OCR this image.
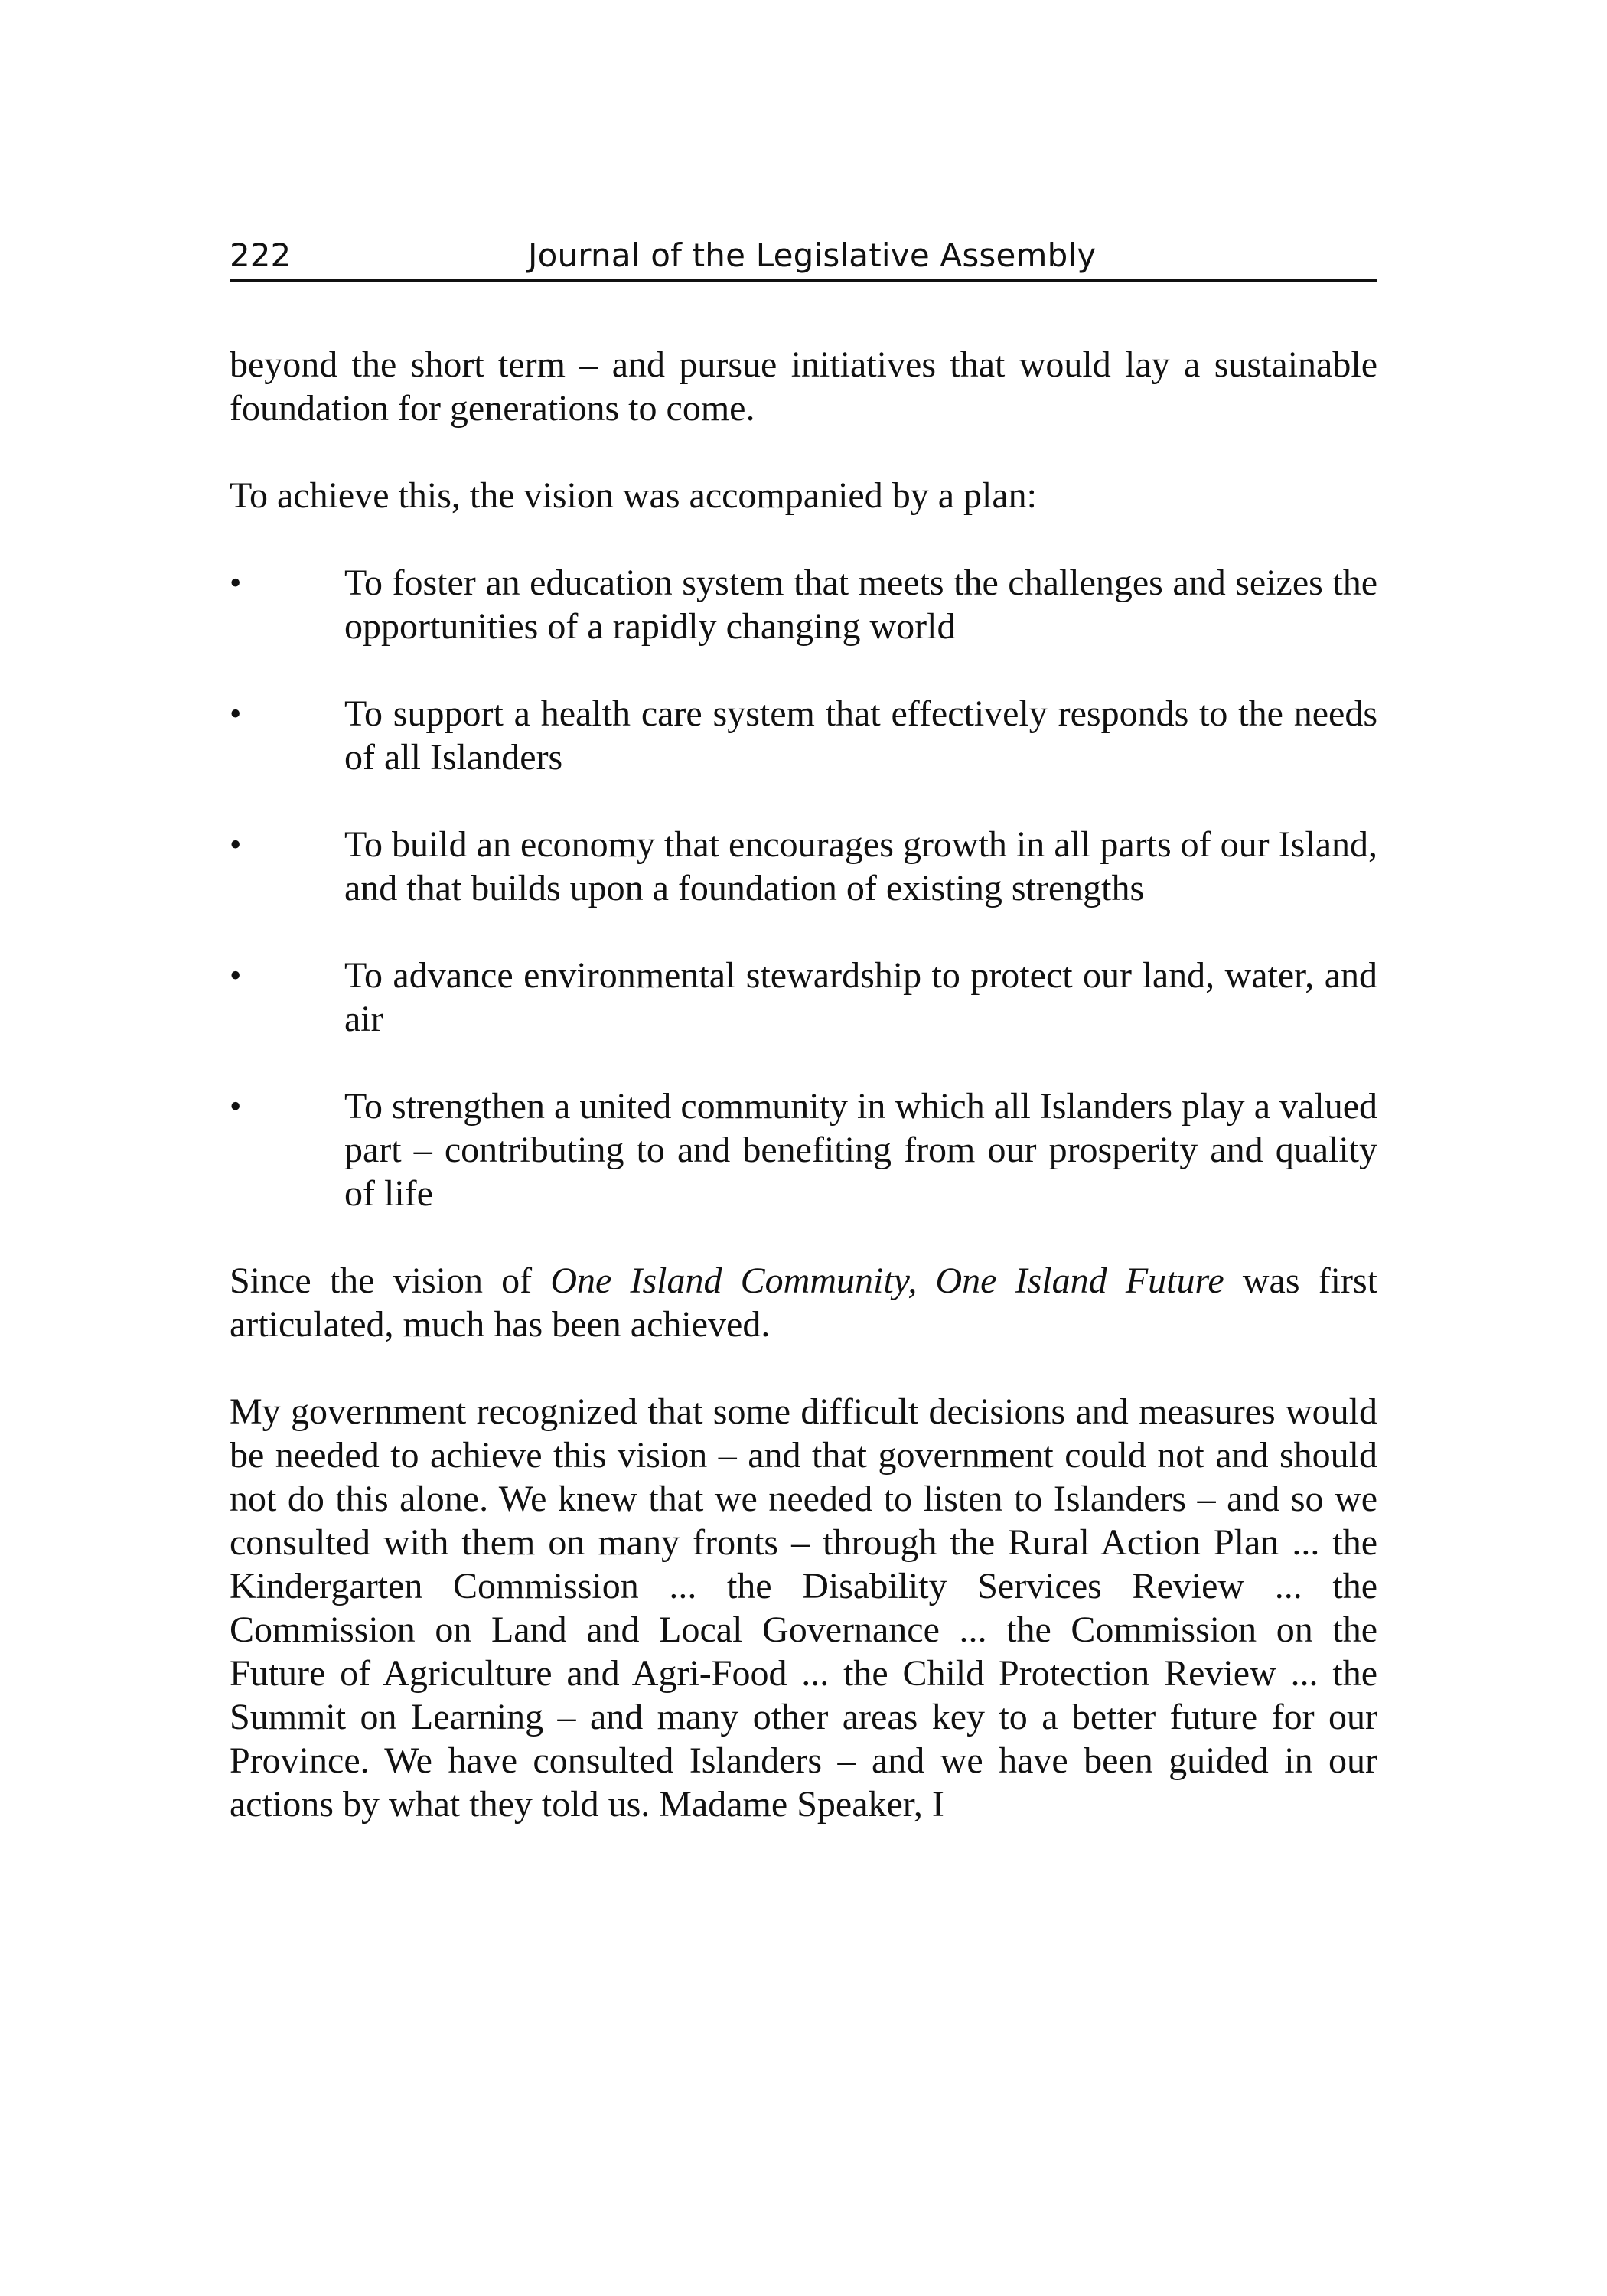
222	Journal of the Legislative Assembly

beyond the short term – and pursue initiatives that would lay a sustainable foundation for generations to come.

To achieve this, the vision was accompanied by a plan:

•	To foster an education system that meets the challenges and seizes the opportunities of a rapidly changing world
•	To support a health care system that effectively responds to the needs of all Islanders
•	To build an economy that encourages growth in all parts of our Island, and that builds upon a foundation of existing strengths
•	To advance environmental stewardship to protect our land, water, and air
•	To strengthen a united community in which all Islanders play a valued part – contributing to and benefiting from our prosperity and quality of life

Since the vision of One Island Community, One Island Future was first articulated, much has been achieved.

My government recognized that some difficult decisions and measures would be needed to achieve this vision – and that government could not and should not do this alone. We knew that we needed to listen to Islanders – and so we consulted with them on many fronts – through the Rural Action Plan ... the Kindergarten Commission ... the Disability Services Review ... the Commission on Land and Local Governance ... the Commission on the Future of Agriculture and Agri-Food ... the Child Protection Review ... the Summit on Learning – and many other areas key to a better future for our Province. We have consulted Islanders – and we have been guided in our actions by what they told us. Madame Speaker, I
